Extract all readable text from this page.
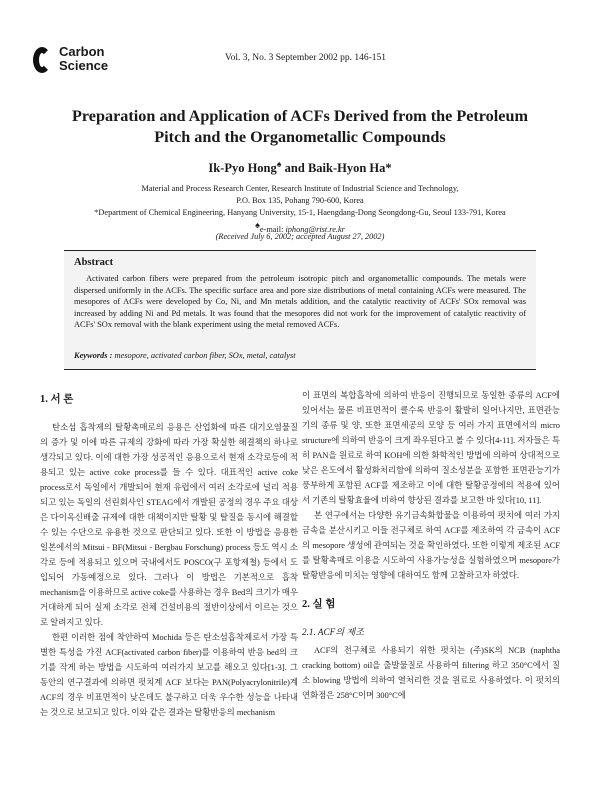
Carbon
Science	Vol. 3, No. 3 September 2002 pp. 146-151
Preparation and Application of ACFs Derived from the Petroleum
Pitch and the Organometallic Compounds
Ik-Pyo Hong♠ and Baik-Hyon Ha*
Material and Process Research Center, Research Institute of Industrial Science and Technology,
P.O. Box 135, Pohang 790-600, Korea
*Department of Chemical Engineering, Hanyang University, 15-1, Haengdang-Dong Seongdong-Gu, Seoul 133-791, Korea
♠e-mail: iphong@rist.re.kr
(Received July 6, 2002; accepted August 27, 2002)
Abstract

Activated carbon fibers were prepared from the petroleum isotropic pitch and organometallic compounds. The metals were dispersed uniformly in the ACFs. The specific surface area and pore size distributions of metal containing ACFs were measured. The mesopores of ACFs were developed by Co, Ni, and Mn metals addition, and the catalytic reactivity of ACFs' SOx removal was increased by adding Ni and Pd metals. It was found that the mesopores did not work for the improvement of catalytic reactivity of ACFs' SOx removal with the blank experiment using the metal removed ACFs.

Keywords : mesopore, activated carbon fiber, SOx, metal, catalyst
1. 서 론

탄소섬 흡착제의 탈황촉매로의 응용은 산업화에 따른 대기오염물질의 증가 및 이에 따른 규제의 강화에 따라 가장 확실한 해결책의 하나로 생각되고 있다. 이에 대한 가장 성공적인 응용으로서 현재 소각로등에 적용되고 있는 active coke process를 들 수 있다. 대표적인 active coke process로서 독일에서 개발되어 현재 유럽에서 여러 소각로에 널리 적용되고 있는 독일의 선린회사인 STEAG에서 개발된 공정의 경우 주요 대상은 다이옥신배출 규제에 대한 대책이지만 탈황 및 탈질을 동시에 해결할 수 있는 수단으로 유용한 것으로 판단되고 있다. 또한 이 방법을 응용한 일본에서의 Mitsui - BF(Mitsui - Bergbau Forschung) process 등도 역시 소각로 등에 적용되고 있으며 국내에서도 POSCO(구 포항제철) 등에서 도입되어 가동예정으로 있다. 그러나 이 방법은 기본적으로 흡착 mechanism을 이용하므로 active coke를 사용하는 경우 Bed의 크기가 매우 거대하게 되어 실제 소각로 전체 건설비용의 절반이상에서 이르는 것으로 알려지고 있다.

한편 이러한 점에 착안하여 Mochida 등은 탄소섬흡착제로서 가장 특별한 특성을 가진 ACF(activated carbon fiber)를 이용하여 반응 bed의 크기를 작게 하는 방법을 시도하여 여러가지 보고를 해오고 있다[1-3]. 그 동안의 연구결과에 의하면 펏치계 ACF 보다는 PAN(Polyacrylonitrile)계 ACF의 경우 비표면적이 낮은데도 불구하고 더욱 우수한 성능을 나타내는 것으로 보고되고 있다. 이와 같은 결과는 탈황반응의 mechanism

이 표면의 복합흡착에 의하여 반응이 진행되므로 동일한 종류의 ACF에 있어서는 물론 비표면적이 클수록 반응이 활발히 일어나지만, 표면관능기의 종류 및 양, 또한 표면세공의 모양 등 여러 가지 표면에서의 micro structure에 의하여 반응이 크게 좌우된다고 볼 수 있다[4-11]. 저자들은 특히 PAN을 원료로 하여 KOH에 의한 화학적인 방법에 의하여 상대적으로 낮은 온도에서 활성화처리함에 의하여 질소성분을 포함한 표면관능기가 풍부하게 포함된 ACF를 제조하고 이에 대한 탈황공정에의 적용에 있어서 기존의 탈황효율에 비하여 향상된 결과를 보고한 바 있다[10, 11].

본 연구에서는 다양한 유기금속화합물을 이용하여 펏치에 여러 가지 금속을 분산시키고 이들 전구체로 하여 ACF를 제조하여 각 금속이 ACF의 mesopore 생성에 관여되는 것을 확인하였다. 또한 이렇게 제조된 ACF를 탈황촉매로 이용을 시도하여 사용가능성을 실험하였으며 mesopore가 탈황반응에 미치는 영향에 대하여도 함께 고찰하고자 하였다.

2. 실 험
2.1. ACF의 제조

ACF의 전구체로 사용되기 위한 펏치는 (주)SK의 NCB (naphtha cracking bottom) oil을 출발물질로 사용하여 filtering 하고 350°C에서 질소 blowing 방법에 의하여 열처리한 것을 원료로 사용하였다. 이 펏치의 연화점은 258°C이며 300°C에
